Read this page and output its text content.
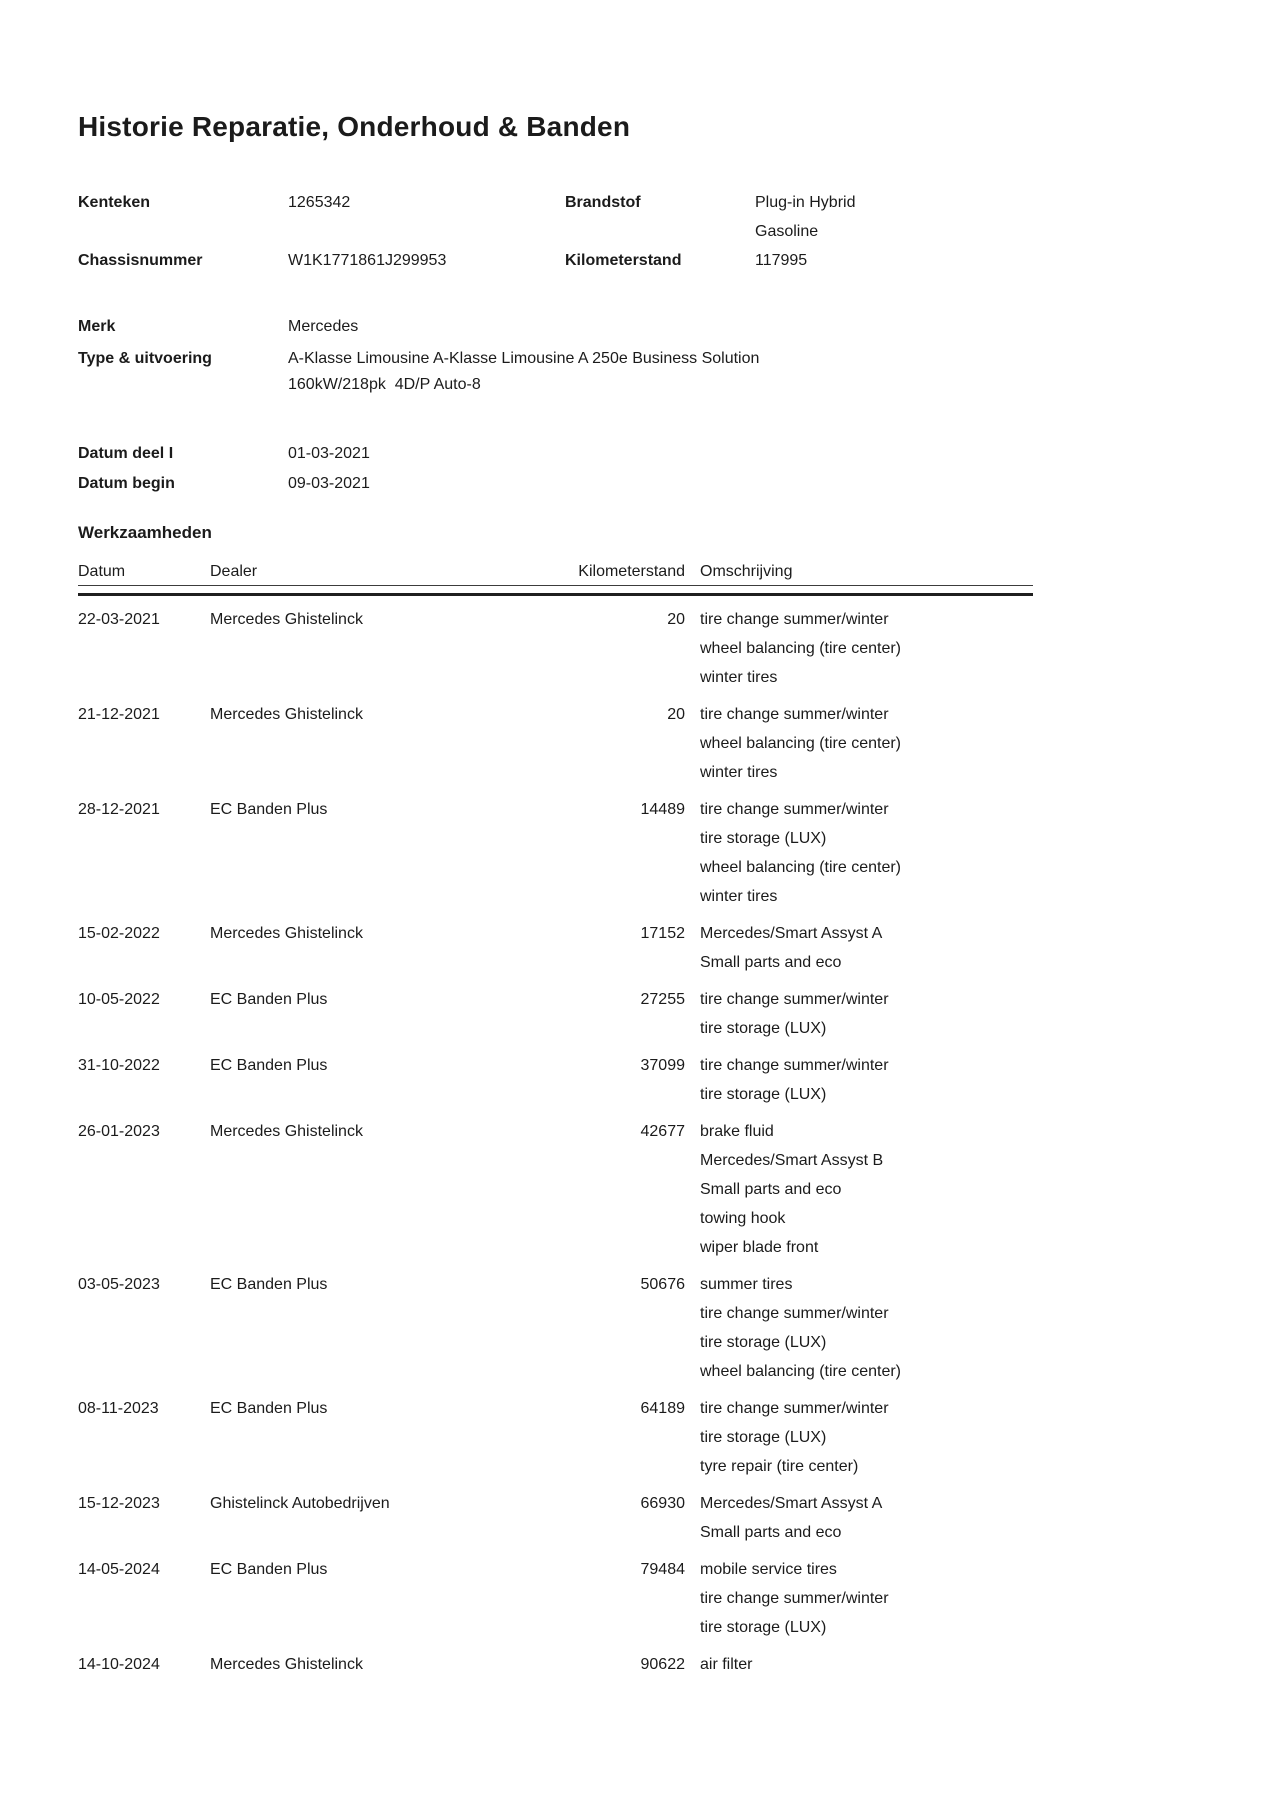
Historie Reparatie, Onderhoud & Banden
Kenteken	1265342	Brandstof	Plug-in Hybrid Gasoline
Chassisnummer	W1K1771861J299953	Kilometerstand	117995
Merk	Mercedes
Type & uitvoering	A-Klasse Limousine A-Klasse Limousine A 250e Business Solution 160kW/218pk  4D/P Auto-8
Datum deel I	01-03-2021
Datum begin	09-03-2021
Werkzaamheden
Datum	Dealer	Kilometerstand Omschrijving
22-03-2021	Mercedes Ghistelinck	20 tire change summer/winter
wheel balancing (tire center)
winter tires
21-12-2021	Mercedes Ghistelinck	20 tire change summer/winter
wheel balancing (tire center)
winter tires
28-12-2021	EC Banden Plus	14489 tire change summer/winter
tire storage (LUX)
wheel balancing (tire center)
winter tires
15-02-2022	Mercedes Ghistelinck	17152 Mercedes/Smart Assyst A
Small parts and eco
10-05-2022	EC Banden Plus	27255 tire change summer/winter
tire storage (LUX)
31-10-2022	EC Banden Plus	37099 tire change summer/winter
tire storage (LUX)
26-01-2023	Mercedes Ghistelinck	42677 brake fluid
Mercedes/Smart Assyst B
Small parts and eco
towing hook
wiper blade front
03-05-2023	EC Banden Plus	50676 summer tires
tire change summer/winter
tire storage (LUX)
wheel balancing (tire center)
08-11-2023	EC Banden Plus	64189 tire change summer/winter
tire storage (LUX)
tyre repair (tire center)
15-12-2023	Ghistelinck Autobedrijven	66930 Mercedes/Smart Assyst A
Small parts and eco
14-05-2024	EC Banden Plus	79484 mobile service tires
tire change summer/winter
tire storage (LUX)
14-10-2024	Mercedes Ghistelinck	90622 air filter
